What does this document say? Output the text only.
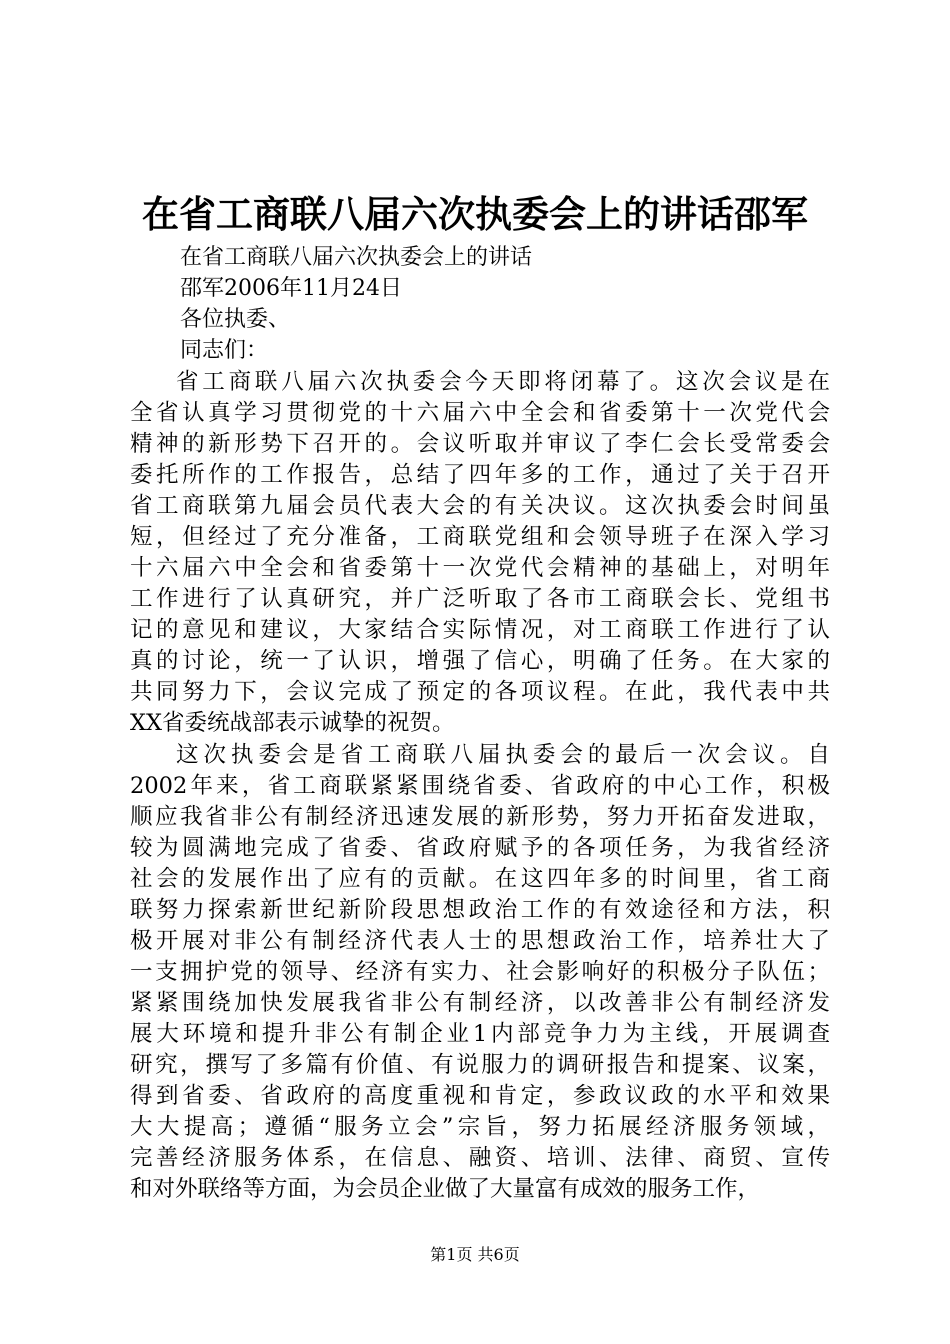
在省工商联八届六次执委会上的讲话邵军
在省工商联八届六次执委会上的讲话
邵军2006年11月24日
各位执委、
同志们：
省工商联八届六次执委会今天即将闭幕了。这次会议是在
全省认真学习贯彻党的十六届六中全会和省委第十一次党代会
精神的新形势下召开的。会议听取并审议了李仁会长受常委会
委托所作的工作报告，总结了四年多的工作，通过了关于召开
省工商联第九届会员代表大会的有关决议。这次执委会时间虽
短，但经过了充分准备，工商联党组和会领导班子在深入学习
十六届六中全会和省委第十一次党代会精神的基础上，对明年
工作进行了认真研究，并广泛听取了各市工商联会长、党组书
记的意见和建议，大家结合实际情况，对工商联工作进行了认
真的讨论，统一了认识，增强了信心，明确了任务。在大家的
共同努力下，会议完成了预定的各项议程。在此，我代表中共
XX省委统战部表示诚挚的祝贺。
这次执委会是省工商联八届执委会的最后一次会议。自
2002年来，省工商联紧紧围绕省委、省政府的中心工作，积极
顺应我省非公有制经济迅速发展的新形势，努力开拓奋发进取，
较为圆满地完成了省委、省政府赋予的各项任务，为我省经济
社会的发展作出了应有的贡献。在这四年多的时间里，省工商
联努力探索新世纪新阶段思想政治工作的有效途径和方法，积
极开展对非公有制经济代表人士的思想政治工作，培养壮大了
一支拥护党的领导、经济有实力、社会影响好的积极分子队伍；
紧紧围绕加快发展我省非公有制经济，以改善非公有制经济发
展大环境和提升非公有制企业1内部竞争力为主线，开展调查
研究，撰写了多篇有价值、有说服力的调研报告和提案、议案，
得到省委、省政府的高度重视和肯定，参政议政的水平和效果
大大提高；遵循“服务立会”宗旨，努力拓展经济服务领域，
完善经济服务体系，在信息、融资、培训、法律、商贸、宣传
和对外联络等方面，为会员企业做了大量富有成效的服务工作，
第1页 共6页
